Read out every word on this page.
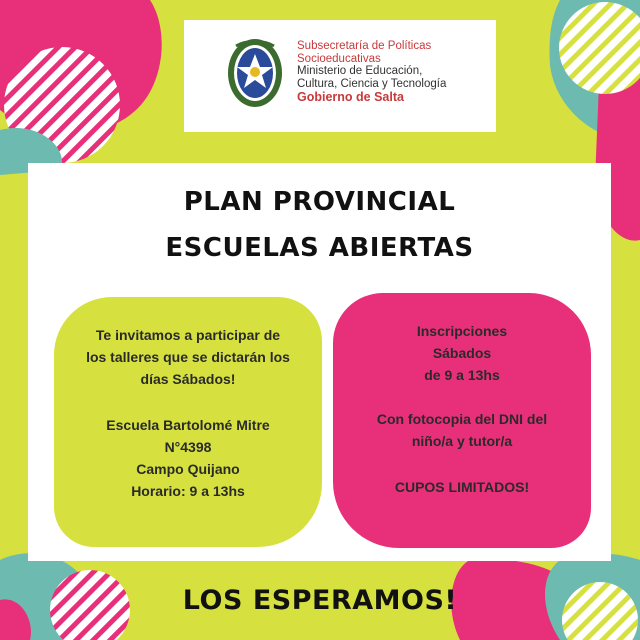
Subsecretaría de Políticas
Socioeducativas
Ministerio de Educación,
Cultura, Ciencia y Tecnología
Gobierno de Salta
PLAN PROVINCIAL
ESCUELAS ABIERTAS
Te invitamos a participar de
los talleres que se dictarán los
días Sábados!
Escuela Bartolomé Mitre
N°4398
Campo Quijano
Horario: 9 a 13hs
Inscripciones
Sábados
de 9 a 13hs
Con fotocopia del DNI del
niño/a y tutor/a
CUPOS LIMITADOS!
LOS ESPERAMOS!
